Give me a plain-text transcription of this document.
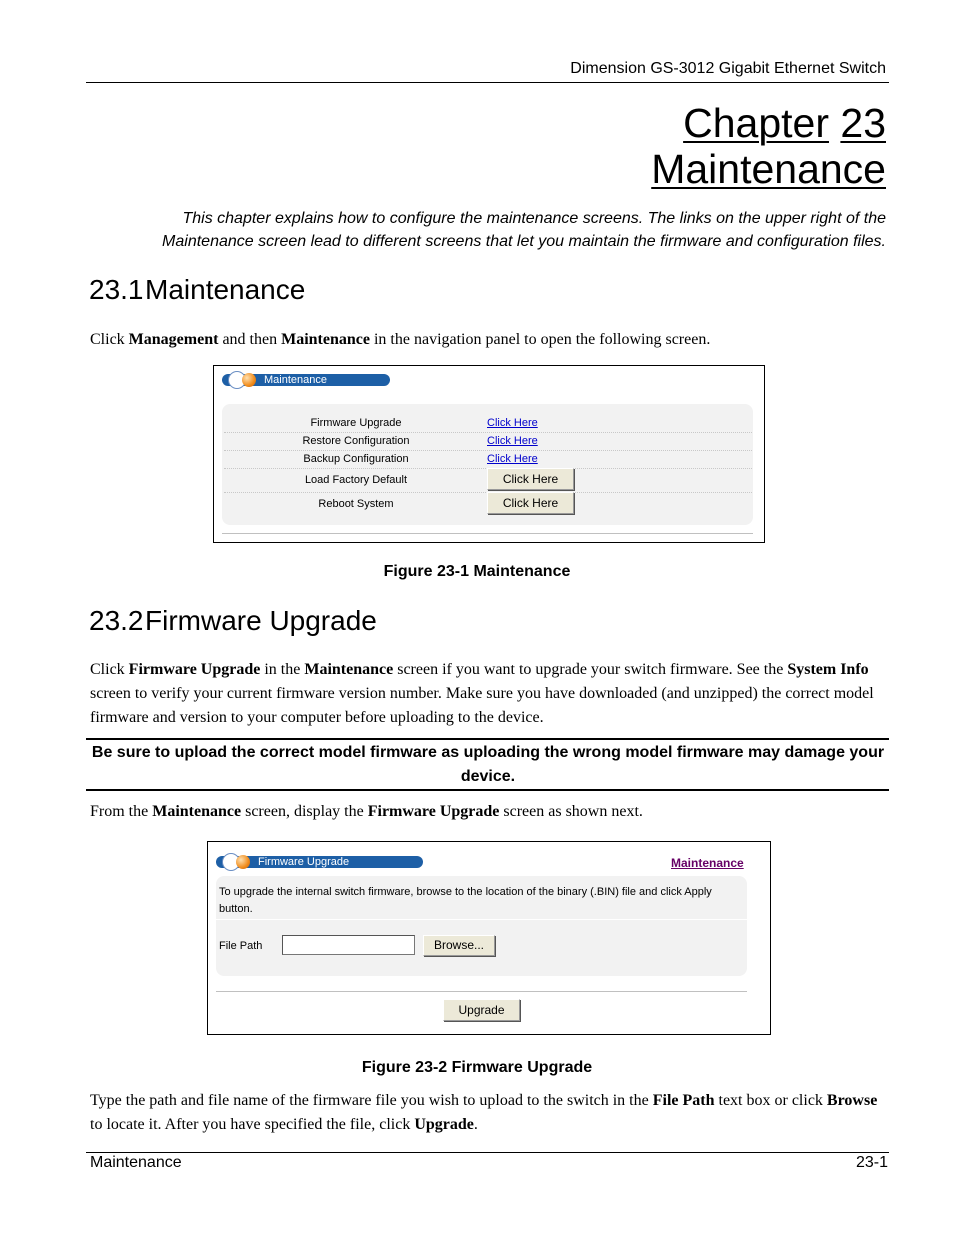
Dimension GS-3012 Gigabit Ethernet Switch
Chapter 23
Maintenance
This chapter explains how to configure the maintenance screens. The links on the upper right of the Maintenance screen lead to different screens that let you maintain the firmware and configuration files.
23.1Maintenance
Click Management and then Maintenance in the navigation panel to open the following screen.
Maintenance
Firmware Upgrade	Click Here
Restore Configuration	Click Here
Backup Configuration	Click Here
Load Factory Default	Click Here
Reboot System	Click Here
Figure 23-1 Maintenance
23.2Firmware Upgrade
Click Firmware Upgrade in the Maintenance screen if you want to upgrade your switch firmware. See the System Info screen to verify your current firmware version number. Make sure you have downloaded (and unzipped) the correct model firmware and version to your computer before uploading to the device.
Be sure to upload the correct model firmware as uploading the wrong model firmware may damage your device.
From the Maintenance screen, display the Firmware Upgrade screen as shown next.
Firmware Upgrade	Maintenance
To upgrade the internal switch firmware, browse to the location of the binary (.BIN) file and click Apply button.
File Path	Browse...
Upgrade
Figure 23-2 Firmware Upgrade
Type the path and file name of the firmware file you wish to upload to the switch in the File Path text box or click Browse to locate it. After you have specified the file, click Upgrade.
Maintenance	23-1
